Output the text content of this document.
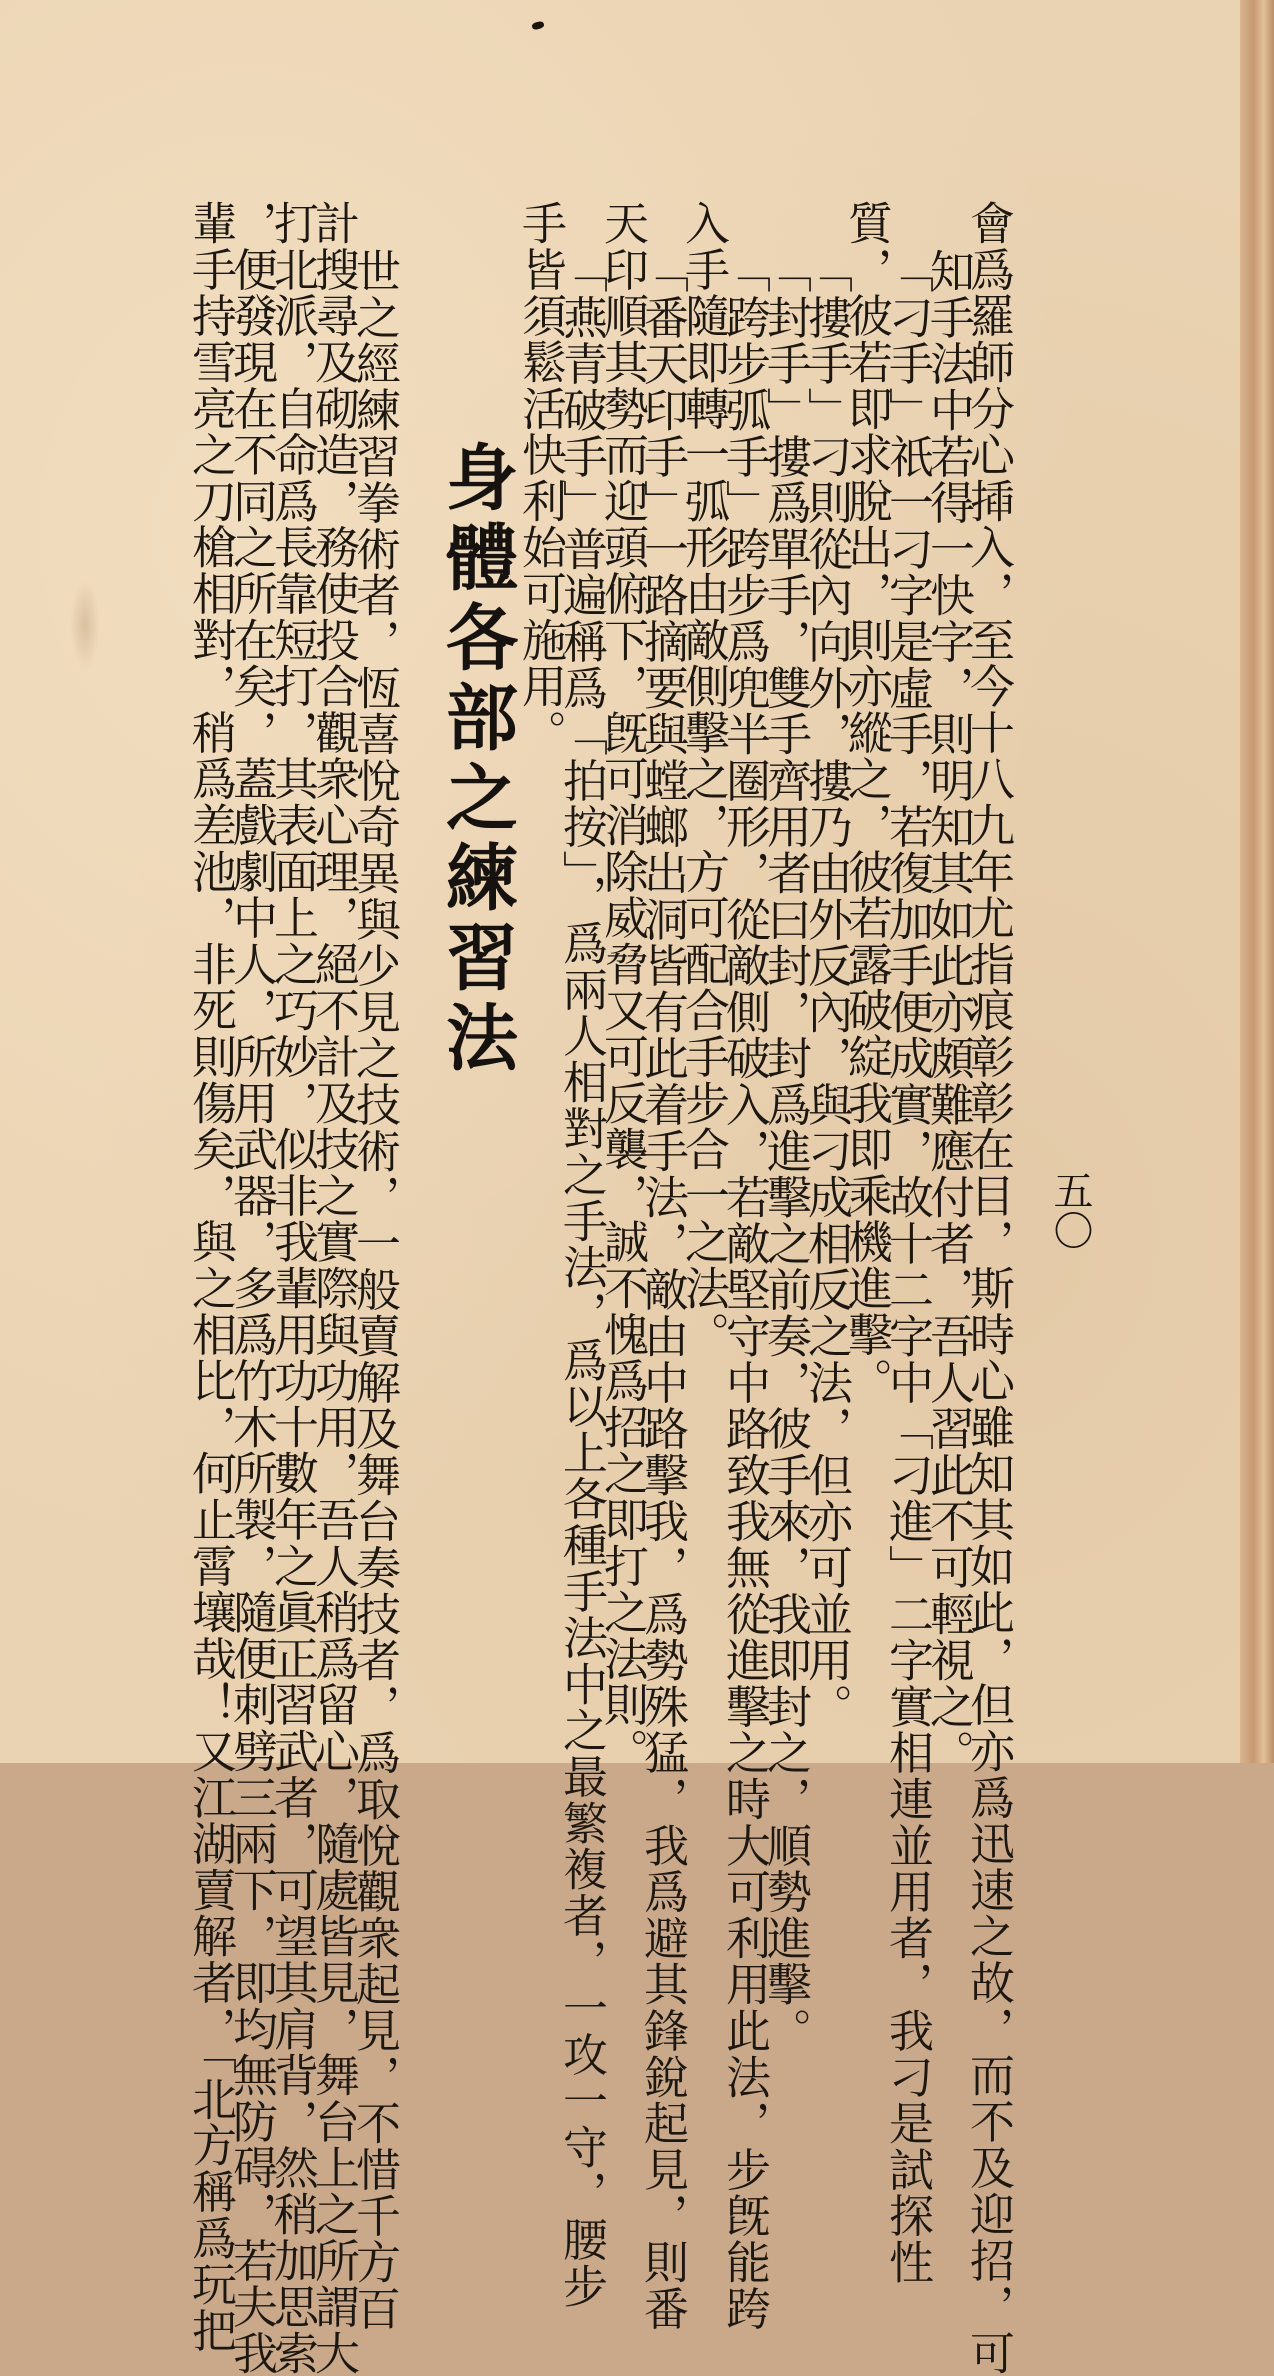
五〇
會爲羅師分心揷入，至今十八九年尤指痕彰彰在目，斯時心雖知其如此，但亦爲迅速之故，而不及迎招，可
知手法中若得一快字，則明知其如此亦頗難應付者，吾人習此不可輕視之。
「刁手」祇一刁字是虛手，若復加手便成實，故十二字中「刁進」二字實相連並用者，我刁是試探性
質，彼若即求脫出，則亦縱之，彼若露破綻我即乘機進擊。
「摟手」刁則從內向外，摟乃由外反內，與刁成相反之法，但亦可並用。
「封手」摟爲單手，雙手齊用者曰封，封爲進擊之前奏，彼手來，我即封之，順勢進擊。
「跨步弧手」跨步爲兜半圈形，從敵側破入，若敵堅守中路致我無從進擊之時大可利用此法，步旣能跨
入手隨即轉一弧形由敵側擊之，方可配合手步合一之法。
「番天印手」一路摘要與螳螂出洞皆有此着手法，敵由中路擊我，爲勢殊猛，我爲避其鋒銳起見，則番
天印順其勢而迎頭俯下，旣可消除威脅又可反襲，誠不愧爲招之即打之法則。
「燕青破手」普遍稱爲「拍按」，爲兩人相對之手法，爲以上各種手法中之最繁複者，一攻一守，腰步
手皆須鬆活快利始可施用。
身體各部之練習法
世之經練習拳術者，恆喜悅奇異與少見之技術，一般賣解及舞台奏技者，爲取悅觀衆起見，不惜千方百
計搜尋及砌造，務使投合觀衆心理，絕不計及技之實際與功用，吾人稍爲留心，隨處皆見，舞台上之所謂大
打北派，自命爲長靠短打，其表面上之巧妙，似非我輩用功十數年之眞正習武者，可望其肩背，然稍加思索
，便發現在不同之所在矣，蓋戲劇中人，所用武器，多爲竹木所製，隨便刺劈三兩下，即均無防碍，若夫我
輩手持雪亮之刀槍相對，稍爲差池，非死則傷矣，與之相比，何止霄壤哉！又江湖賣解者，「北方稱爲玩把
